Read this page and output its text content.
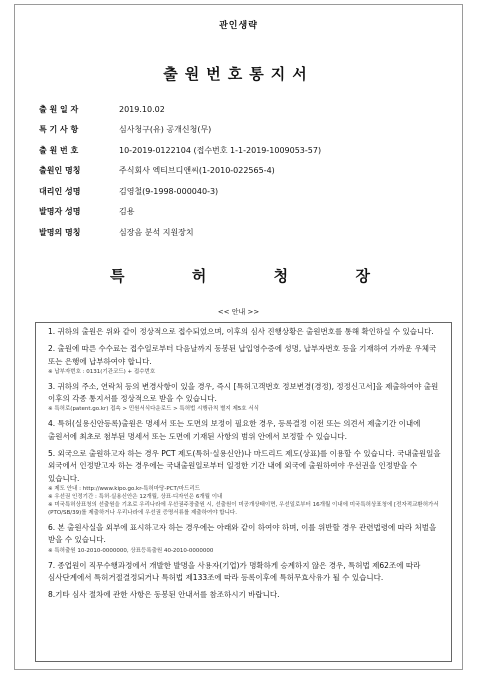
관인생략
출원번호통지서
출 원 일 자	2019.10.02
특 기 사 항	심사청구(유) 공개신청(무)
출 원 번 호	10-2019-0122104 (접수번호 1-1-2019-1009053-57)
출원인 명칭	주식회사 엑티브디앤씨(1-2010-022565-4)
대리인 성명	김영철(9-1998-000040-3)
발명자 성명	김용
발명의 명칭	심장음 분석 지원장치
특	허	청	장
<< 안내 >>
1. 귀하의 출원은 위와 같이 정상적으로 접수되었으며, 이후의 심사 진행상황은 출원번호를 통해 확인하실 수 있습니다.
2. 출원에 따른 수수료는 접수일로부터 다음날까지 동봉된 납입영수증에 성명, 납부자번호 등을 기재하여 가까운 우체국 또는 은행에 납부하여야 합니다.
※ 납부자번호 : 0131(기관코드) + 접수번호
3. 귀하의 주소, 연락처 등의 변경사항이 있을 경우, 즉시 [특허고객번호 정보변경(경정), 정정신고서]을 제출하여야 출원 이후의 각종 통지서를 정상적으로 받을 수 있습니다.
※ 특허로(patent.go.kr) 접속 > 민원서식다운로드 > 특허법 시행규칙 별지 제5호 서식
4. 특허(실용신안등록)출원은 명세서 또는 도면의 보정이 필요한 경우, 등록결정 이전 또는 의견서 제출기간 이내에 출원서에 최초로 첨부된 명세서 또는 도면에 기재된 사항의 범위 안에서 보정할 수 있습니다.
5. 외국으로 출원하고자 하는 경우 PCT 제도(특허·실용신안)나 마드리드 제도(상표)를 이용할 수 있습니다. 국내출원일을 외국에서 인정받고자 하는 경우에는 국내출원일로부터 일정한 기간 내에 외국에 출원하여야 우선권을 인정받을 수 있습니다.
※ 제도 안내 : http://www.kipo.go.kr-특허마당-PCT/마드리드
※ 우선권 인정기간 : 특허·실용신안은 12개월, 상표·디자인은 6개월 이내
※ 미국특허상표청의 선출원을 기초로 우리나라에 우선권주장출원 시, 선출원이 미공개상태이면, 우선일로부터 16개월 이내에 미국특허상표청에 [전자적교환허가서(PTO/SB/39)를 제출하거나 우리나라에 우선권 증명서류를 제출하여야 합니다.
6. 본 출원사실을 외부에 표시하고자 하는 경우에는 아래와 같이 하여야 하며, 이를 위반할 경우 관련법령에 따라 처벌을 받을 수 있습니다.
※ 특허출원 10-2010-0000000, 상표등록출원 40-2010-0000000
7. 종업원이 직무수행과정에서 개발한 발명을 사용자(기업)가 명확하게 승계하지 않은 경우, 특허법 제62조에 따라 심사단계에서 특허거절결정되거나 특허법 제133조에 따라 등록이후에 특허무효사유가 될 수 있습니다.
8.기타 심사 절차에 관한 사항은 동봉된 안내서를 참조하시기 바랍니다.
